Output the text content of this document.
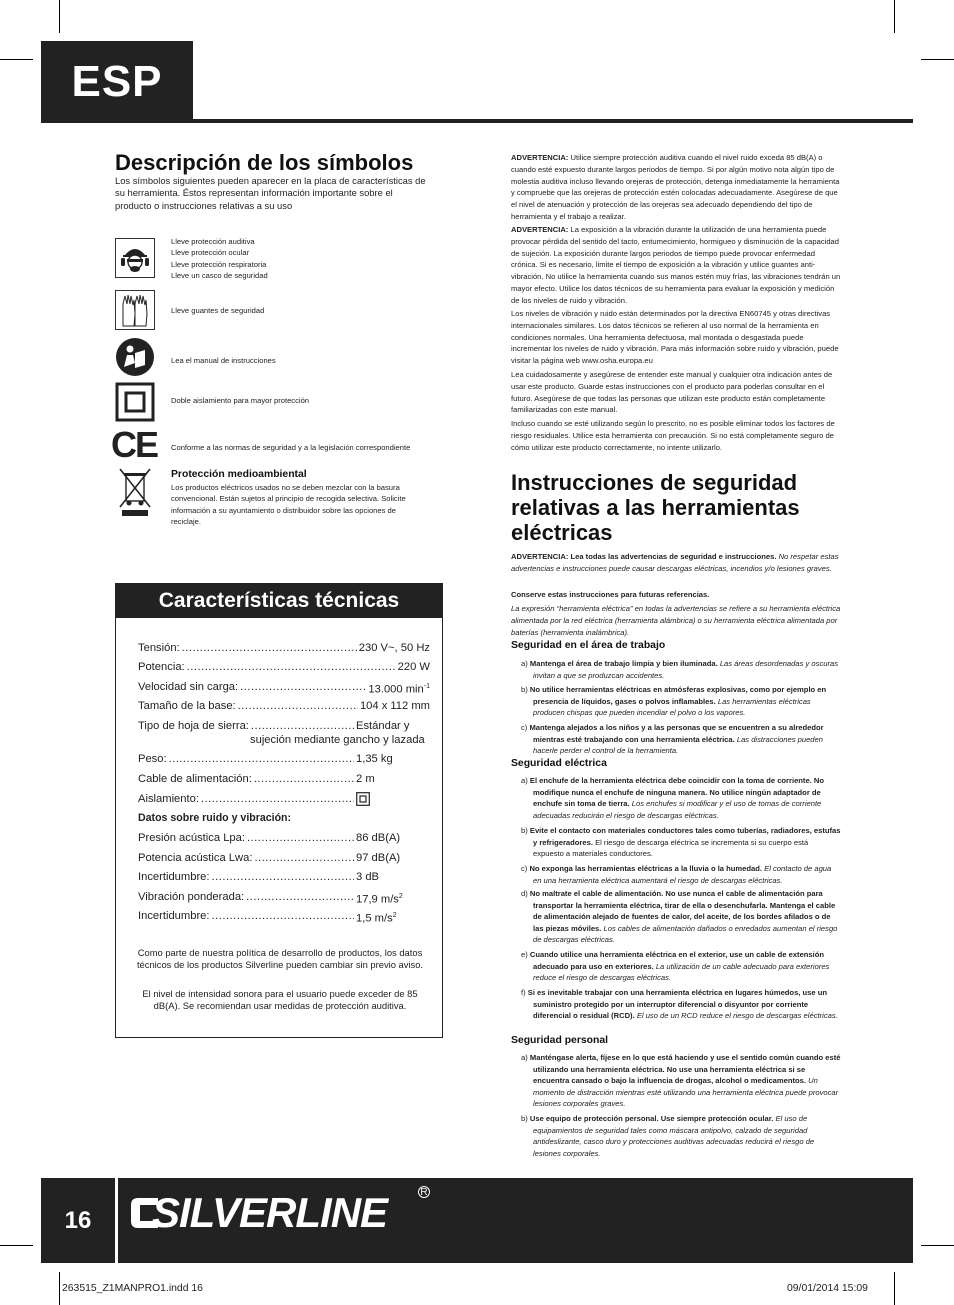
ESP
Descripción de los símbolos
Los símbolos siguientes pueden aparecer en la placa de características de su herramienta. Éstos representan información importante sobre el producto o instrucciones relativas a su uso
Lleve protección auditiva
Lleve protección ocular
Lleve protección respiratoria
Lleve un casco de seguridad
Lleve guantes de seguridad
Lea el manual de instrucciones
Doble aislamiento para mayor protección
CE Conforme a las normas de seguridad y a la legislación correspondiente
Protección medioambiental
Los productos eléctricos usados no se deben mezclar con la basura convencional. Están sujetos al principio de recogida selectiva. Solicite información a su ayuntamiento o distribuidor sobre las opciones de reciclaje.
Características técnicas
Tensión: .....	230 V~, 50 Hz
Potencia: .....	220 W
Velocidad sin carga: .....	13.000 $\min^{-1}$
Tamaño de la base: .....	104 x 112 mm
Tipo de hoja de sierra: .....	Estándar y
sujeción mediante gancho y lazada
Peso: .....	1,35 kg
Cable de alimentación: .....	2 m
Aislamiento:
.....
Datos sobre ruido y vibración:
Presión acústica Lpa: .....	86 dB(A)
Potencia acústica Lwa: .....	97 dB(A)
Incertidumbre: .....	3 dB
Vibración ponderada: .....	17,9 $m/s^2$
Incertidumbre: .....	1,5 $m/s^2$
Como parte de nuestra política de desarrollo de productos, los datos técnicos de los productos Silverline pueden cambiar sin previo aviso.
El nivel de intensidad sonora para el usuario puede exceder de 85 dB(A). Se recomiendan usar medidas de protección auditiva.
ADVERTENCIA: Utilice siempre protección auditiva cuando el nivel ruido exceda 85 dB(A) o cuando esté expuesto durante largos periodos de tiempo. Si por algún motivo nota algún tipo de molestia auditiva incluso llevando orejeras de protección, detenga inmediatamente la herramienta y compruebe que las orejeras de protección estén colocadas adecuadamente. Asegúrese de que el nivel de atenuación y protección de las orejeras sea adecuado dependiendo del tipo de herramienta y el trabajo a realizar.
ADVERTENCIA: La exposición a la vibración durante la utilización de una herramienta puede provocar pérdida del sentido del tacto, entumecimiento, hormigueo y disminución de la capacidad de sujeción. La exposición durante largos periodos de tiempo puede provocar enfermedad crónica. Si es necesario, limite el tiempo de exposición a la vibración y utilice guantes anti-vibración. No utilice la herramienta cuando sus manos estén muy frías, las vibraciones tendrán un mayor efecto. Utilice los datos técnicos de su herramienta para evaluar la exposición y medición de los niveles de ruido y vibración.
Los niveles de vibración y ruido están determinados por la directiva EN60745 y otras directivas internacionales similares. Los datos técnicos se refieren al uso normal de la herramienta en condiciones normales. Una herramienta defectuosa, mal montada o desgastada puede incrementar los niveles de ruido y vibración. Para más información sobre ruido y vibración, puede visitar la página web www.osha.europa.eu
Lea cuidadosamente y asegúrese de entender este manual y cualquier otra indicación antes de usar este producto. Guarde estas instrucciones con el producto para poderlas consultar en el futuro. Asegúrese de que todas las personas que utilizan este producto están completamente familiarizadas con este manual.
Incluso cuando se esté utilizando según lo prescrito, no es posible eliminar todos los factores de riesgo residuales. Utilice esta herramienta con precaución. Si no está completamente seguro de cómo utilizar este producto correctamente, no intente utilizarlo.
Instrucciones de seguridad
relativas a las herramientas
eléctricas
ADVERTENCIA: Lea todas las advertencias de seguridad e instrucciones. No respetar estas advertencias e instrucciones puede causar descargas eléctricas, incendios y/o lesiones graves.
Conserve estas instrucciones para futuras referencias.
La expresión “herramienta eléctrica” en todas la advertencias se refiere a su herramienta eléctrica alimentada por la red eléctrica (herramienta alámbrica) o su herramienta eléctrica alimentada por baterías (herramienta inalámbrica).
Seguridad en el área de trabajo
a) Mantenga el área de trabajo limpia y bien iluminada. Las áreas desordenadas y oscuras invitan a que se produzcan accidentes.
b) No utilice herramientas eléctricas en atmósferas explosivas, como por ejemplo en presencia de líquidos, gases o polvos inflamables. Las herramientas eléctricas producen chispas que pueden incendiar el polvo o los vapores.
c) Mantenga alejados a los niños y a las personas que se encuentren a su alrededor mientras esté trabajando con una herramienta eléctrica. Las distracciones pueden hacerle perder el control de la herramienta.
Seguridad eléctrica
a) El enchufe de la herramienta eléctrica debe coincidir con la toma de corriente. No modifique nunca el enchufe de ninguna manera. No utilice ningún adaptador de enchufe sin toma de tierra. Los enchufes si modificar y el uso de tomas de corriente adecuadas reducirán el riesgo de descargas eléctricas.
b) Evite el contacto con materiales conductores tales como tuberías, radiadores, estufas y refrigeradores. El riesgo de descarga eléctrica se incrementa si su cuerpo está expuesto a materiales conductores.
c) No exponga las herramientas eléctricas a la lluvia o la humedad. El contacto de agua en una herramienta eléctrica aumentará el riesgo de descargas eléctricas.
d) No maltrate el cable de alimentación. No use nunca el cable de alimentación para transportar la herramienta eléctrica, tirar de ella o desenchufarla. Mantenga el cable de alimentación alejado de fuentes de calor, del aceite, de los bordes afilados o de las piezas móviles. Los cables de alimentación dañados o enredados aumentan el riesgo de descargas eléctricas.
e) Cuando utilice una herramienta eléctrica en el exterior, use un cable de extensión adecuado para uso en exteriores. La utilización de un cable adecuado para exteriores reduce el riesgo de descargas eléctricas.
f) Si es inevitable trabajar con una herramienta eléctrica en lugares húmedos, use un suministro protegido por un interruptor diferencial o disyuntor por corriente diferencial o residual (RCD). El uso de un RCD reduce el riesgo de descargas eléctricas.
Seguridad personal
a) Manténgase alerta, fíjese en lo que está haciendo y use el sentido común cuando esté utilizando una herramienta eléctrica. No use una herramienta eléctrica si se encuentra cansado o bajo la influencia de drogas, alcohol o medicamentos. Un momento de distracción mientras esté utilizando una herramienta eléctrica puede provocar lesiones corporales graves.
b) Use equipo de protección personal. Use siempre protección ocular. El uso de equipamientos de seguridad tales como máscara antipolvo, calzado de seguridad antideslizante, casco duro y protecciones auditivas adecuadas reducirá el riesgo de lesiones corporales.
16	SILVERLINE	R
263515_Z1MANPRO1.indd 16	09/01/2014 15:09
